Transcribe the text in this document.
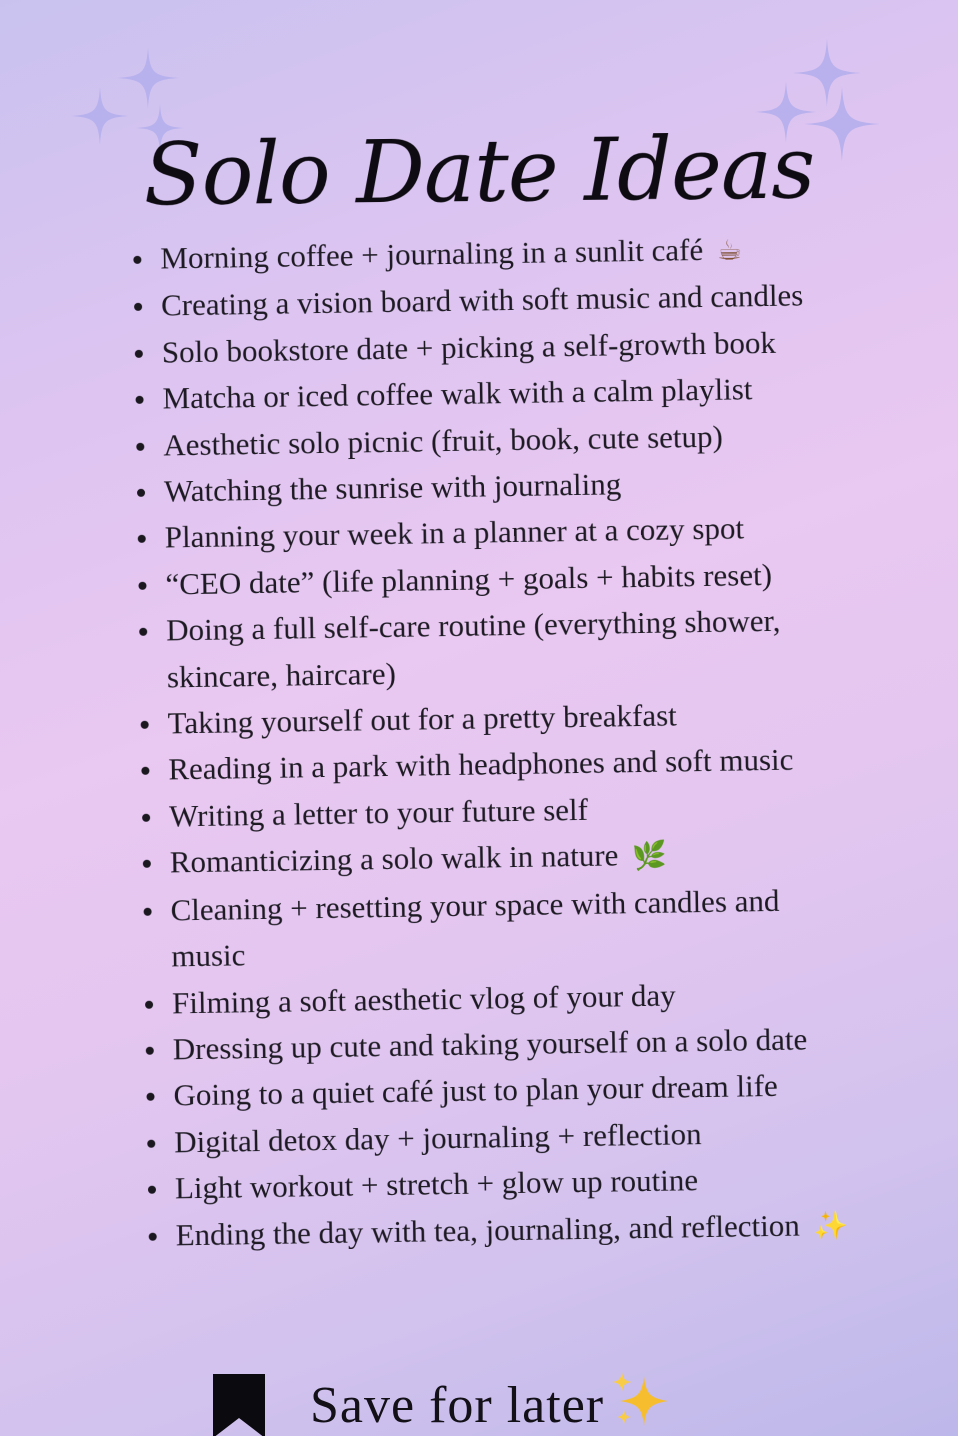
Solo Date Ideas
Morning coffee + journaling in a sunlit café ☕
Creating a vision board with soft music and candles
Solo bookstore date + picking a self-growth book
Matcha or iced coffee walk with a calm playlist
Aesthetic solo picnic (fruit, book, cute setup)
Watching the sunrise with journaling
Planning your week in a planner at a cozy spot
“CEO date” (life planning + goals + habits reset)
Doing a full self-care routine (everything shower, skincare, haircare)
Taking yourself out for a pretty breakfast
Reading in a park with headphones and soft music
Writing a letter to your future self
Romanticizing a solo walk in nature 🌿
Cleaning + resetting your space with candles and music
Filming a soft aesthetic vlog of your day
Dressing up cute and taking yourself on a solo date
Going to a quiet café just to plan your dream life
Digital detox day + journaling + reflection
Light workout + stretch + glow up routine
Ending the day with tea, journaling, and reflection ✨
Save for later
